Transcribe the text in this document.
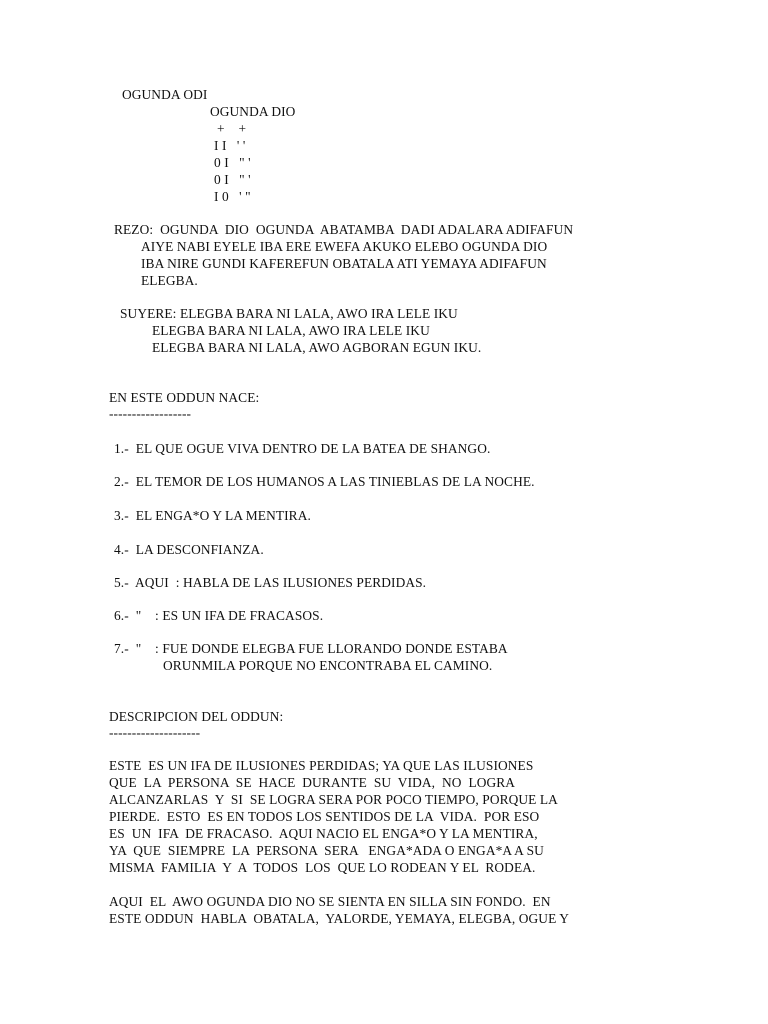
OGUNDA ODI
OGUNDA DIO
+    +
I I   ' '
0 I   " '
0 I   " '
I 0   ' "
REZO:  OGUNDA  DIO  OGUNDA  ABATAMBA  DADI ADALARA ADIFAFUN
AIYE NABI EYELE IBA ERE EWEFA AKUKO ELEBO OGUNDA DIO
IBA NIRE GUNDI KAFEREFUN OBATALA ATI YEMAYA ADIFAFUN
ELEGBA.
SUYERE: ELEGBA BARA NI LALA, AWO IRA LELE IKU
ELEGBA BARA NI LALA, AWO IRA LELE IKU
ELEGBA BARA NI LALA, AWO AGBORAN EGUN IKU.
EN ESTE ODDUN NACE:
------------------
1.-  EL QUE OGUE VIVA DENTRO DE LA BATEA DE SHANGO.
2.-  EL TEMOR DE LOS HUMANOS A LAS TINIEBLAS DE LA NOCHE.
3.-  EL ENGA*O Y LA MENTIRA.
4.-  LA DESCONFIANZA.
5.-  AQUI  : HABLA DE LAS ILUSIONES PERDIDAS.
6.-  "    : ES UN IFA DE FRACASOS.
7.-  "    : FUE DONDE ELEGBA FUE LLORANDO DONDE ESTABA
ORUNMILA PORQUE NO ENCONTRABA EL CAMINO.
DESCRIPCION DEL ODDUN:
--------------------
ESTE  ES UN IFA DE ILUSIONES PERDIDAS; YA QUE LAS ILUSIONES
QUE  LA  PERSONA  SE  HACE  DURANTE  SU  VIDA,  NO  LOGRA
ALCANZARLAS  Y  SI  SE LOGRA SERA POR POCO TIEMPO, PORQUE LA
PIERDE.  ESTO  ES EN TODOS LOS SENTIDOS DE LA  VIDA.  POR ESO
ES  UN  IFA  DE FRACASO.  AQUI NACIO EL ENGA*O Y LA MENTIRA,
YA  QUE  SIEMPRE  LA  PERSONA  SERA   ENGA*ADA O ENGA*A A SU
MISMA  FAMILIA  Y  A  TODOS  LOS  QUE LO RODEAN Y EL  RODEA.
AQUI  EL  AWO OGUNDA DIO NO SE SIENTA EN SILLA SIN FONDO.  EN
ESTE ODDUN  HABLA  OBATALA,  YALORDE, YEMAYA, ELEGBA, OGUE Y
